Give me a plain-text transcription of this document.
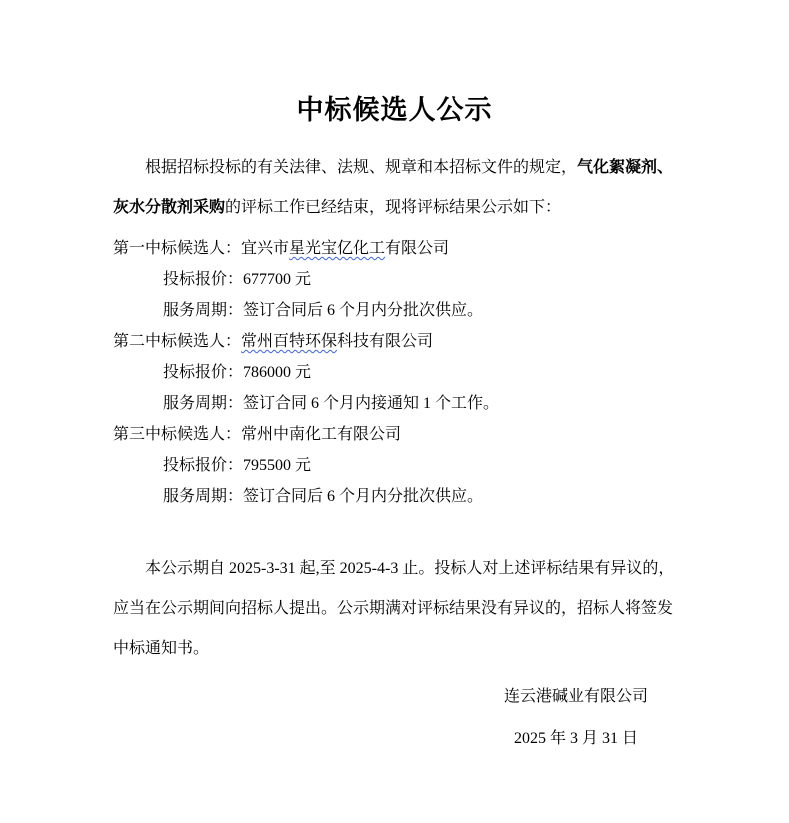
中标候选人公示
根据招标投标的有关法律、法规、规章和本招标文件的规定，气化絮凝剂、
灰水分散剂采购的评标工作已经结束，现将评标结果公示如下：
第一中标候选人：宜兴市星光宝亿化工有限公司
投标报价：677700 元
服务周期：签订合同后 6 个月内分批次供应。
第二中标候选人：常州百特环保科技有限公司
投标报价：786000 元
服务周期：签订合同 6 个月内接通知 1 个工作。
第三中标候选人：常州中南化工有限公司
投标报价：795500 元
服务周期：签订合同后 6 个月内分批次供应。
本公示期自 2025-3-31 起,至 2025-4-3 止。投标人对上述评标结果有异议的，
应当在公示期间向招标人提出。公示期满对评标结果没有异议的，招标人将签发
中标通知书。
连云港碱业有限公司
2025 年 3 月 31 日
